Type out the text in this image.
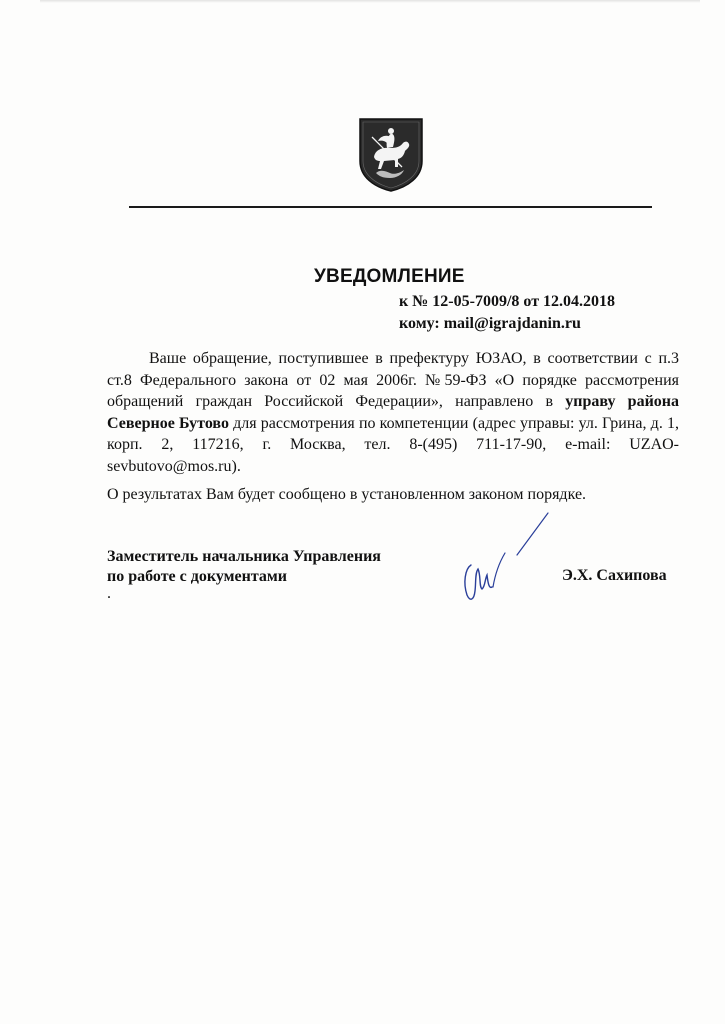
УВЕДОМЛЕНИЕ
к № 12-05-7009/8 от 12.04.2018
кому: mail@igrajdanin.ru

Ваше обращение, поступившее в префектуру ЮЗАО, в соответствии с п.3 ст.8 Федерального закона от 02 мая 2006г. №59-ФЗ «О порядке рассмотрения обращений граждан Российской Федерации», направлено в управу района Северное Бутово для рассмотрения по компетенции (адрес управы: ул. Грина, д. 1, корп. 2, 117216, г. Москва, тел. 8-(495) 711-17-90, e-mail: UZAO-sevbutovo@mos.ru).

О результатах Вам будет сообщено в установленном законом порядке.

Заместитель начальника Управления
по работе с документами
.
Э.Х. Сахипова
